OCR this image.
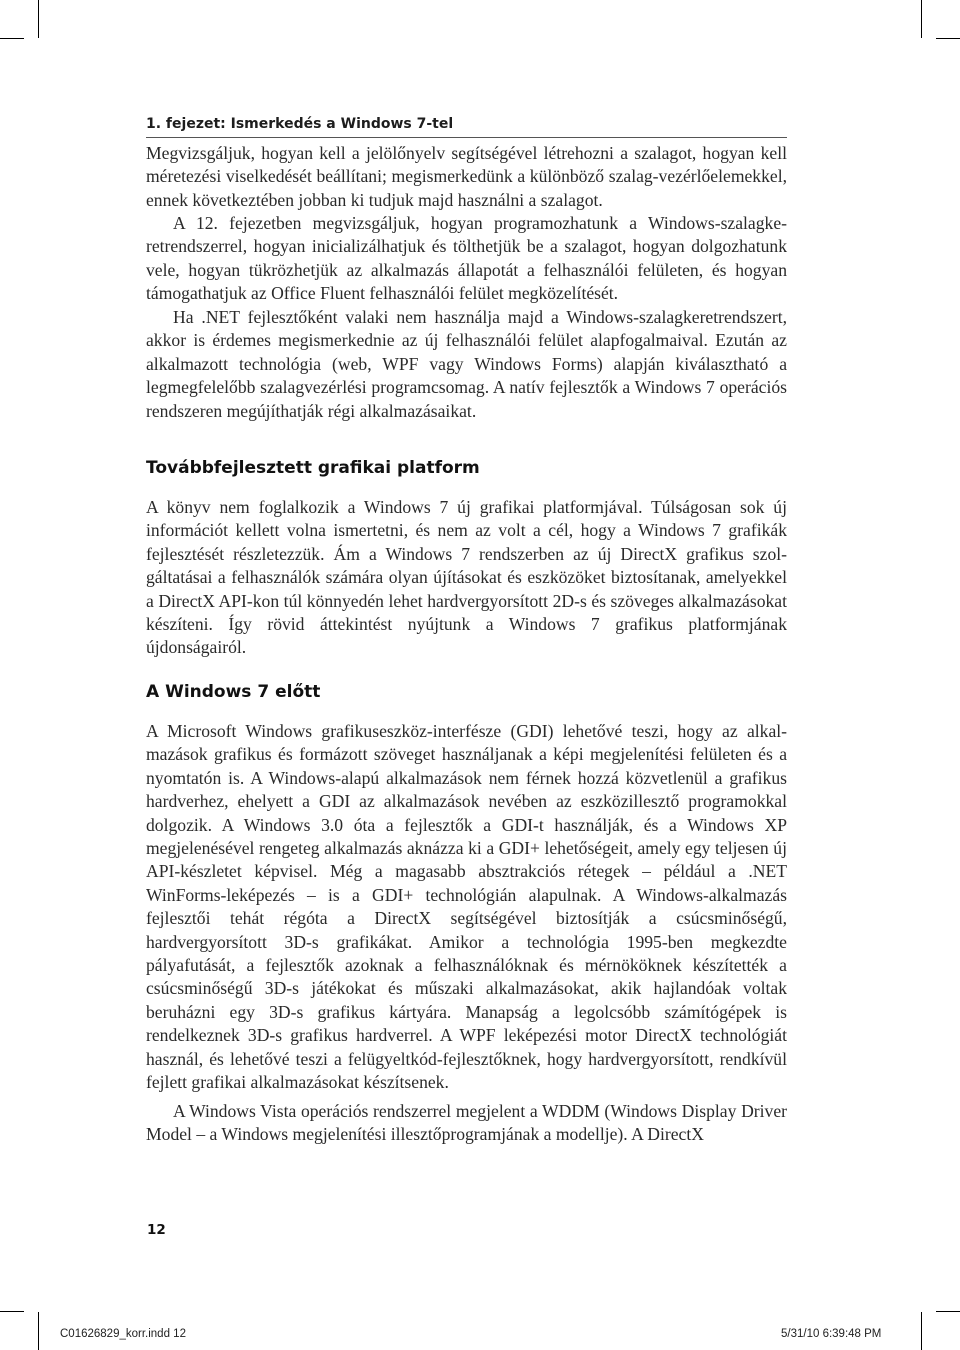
1. fejezet: Ismerkedés a Windows 7-tel

Megvizsgáljuk, hogyan kell a jelölőnyelv segítségével létrehozni a szalagot, hogyan kell méretezési viselkedését beállítani; megismerkedünk a különböző szalag-vezérlőelemekkel, ennek következtében jobban ki tudjuk majd használni a szalagot.

A 12. fejezetben megvizsgáljuk, hogyan programozhatunk a Windows-szalagkeretrendszerrel, hogyan inicializálhatjuk és tölthetjük be a szalagot, hogyan dolgozhatunk vele, hogyan tükrözhetjük az alkalmazás állapotát a felhasználói felületen, és hogyan támogathatjuk az Office Fluent felhasználói felület megközelítését.

Ha .NET fejlesztőként valaki nem használja majd a Windows-szalagkeretrendszert, akkor is érdemes megismerkednie az új felhasználói felület alapfogalmaival. Ezután az alkalmazott technológia (web, WPF vagy Windows Forms) alapján kiválasztható a legmegfelelőbb szalagvezérlési programcsomag. A natív fejlesztők a Windows 7 operációs rendszeren megújíthatják régi alkalmazásaikat.

Továbbfejlesztett grafikai platform

A könyv nem foglalkozik a Windows 7 új grafikai platformjával. Túlságosan sok új információt kellett volna ismertetni, és nem az volt a cél, hogy a Windows 7 grafikák fejlesztését részletezzük. Ám a Windows 7 rendszerben az új DirectX grafikus szolgáltatásai a felhasználók számára olyan újításokat és eszközöket biztosítanak, amelyekkel a DirectX API-kon túl könnyedén lehet hardvergyorsított 2D-s és szöveges alkalmazásokat készíteni. Így rövid áttekintést nyújtunk a Windows 7 grafikus platformjának újdonságairól.

A Windows 7 előtt

A Microsoft Windows grafikuseszköz-interfésze (GDI) lehetővé teszi, hogy az alkalmazások grafikus és formázott szöveget használjanak a képi megjelenítési felületen és a nyomtatón is. A Windows-alapú alkalmazások nem férnek hozzá közvetlenül a grafikus hardverhez, ehelyett a GDI az alkalmazások nevében az eszközillesztő programokkal dolgozik. A Windows 3.0 óta a fejlesztők a GDI-t használják, és a Windows XP megjelenésével rengeteg alkalmazás aknázza ki a GDI+ lehetőségeit, amely egy teljesen új API-készletet képvisel. Még a magasabb absztrakciós rétegek – például a .NET WinForms-leképezés – is a GDI+ technológián alapulnak. A Windows-alkalmazás fejlesztői tehát régóta a DirectX segítségével biztosítják a csúcsminőségű, hardvergyorsított 3D-s grafikákat. Amikor a technológia 1995-ben megkezdte pályafutását, a fejlesztők azoknak a felhasználóknak és mérnököknek készítették a csúcsminőségű 3D-s játékokat és műszaki alkalmazásokat, akik hajlandóak voltak beruházni egy 3D-s grafikus kártyára. Manapság a legolcsóbb számítógépek is rendelkeznek 3D-s grafikus hardverrel. A WPF leképezési motor DirectX technológiát használ, és lehetővé teszi a felügyeltkód-fejlesztőknek, hogy hardvergyorsított, rendkívül fejlett grafikai alkalmazásokat készítsenek.

A Windows Vista operációs rendszerrel megjelent a WDDM (Windows Display Driver Model – a Windows megjelenítési illesztőprogramjának a modellje). A DirectX

12
C01626829_korr.indd 12	5/31/10 6:39:48 PM
